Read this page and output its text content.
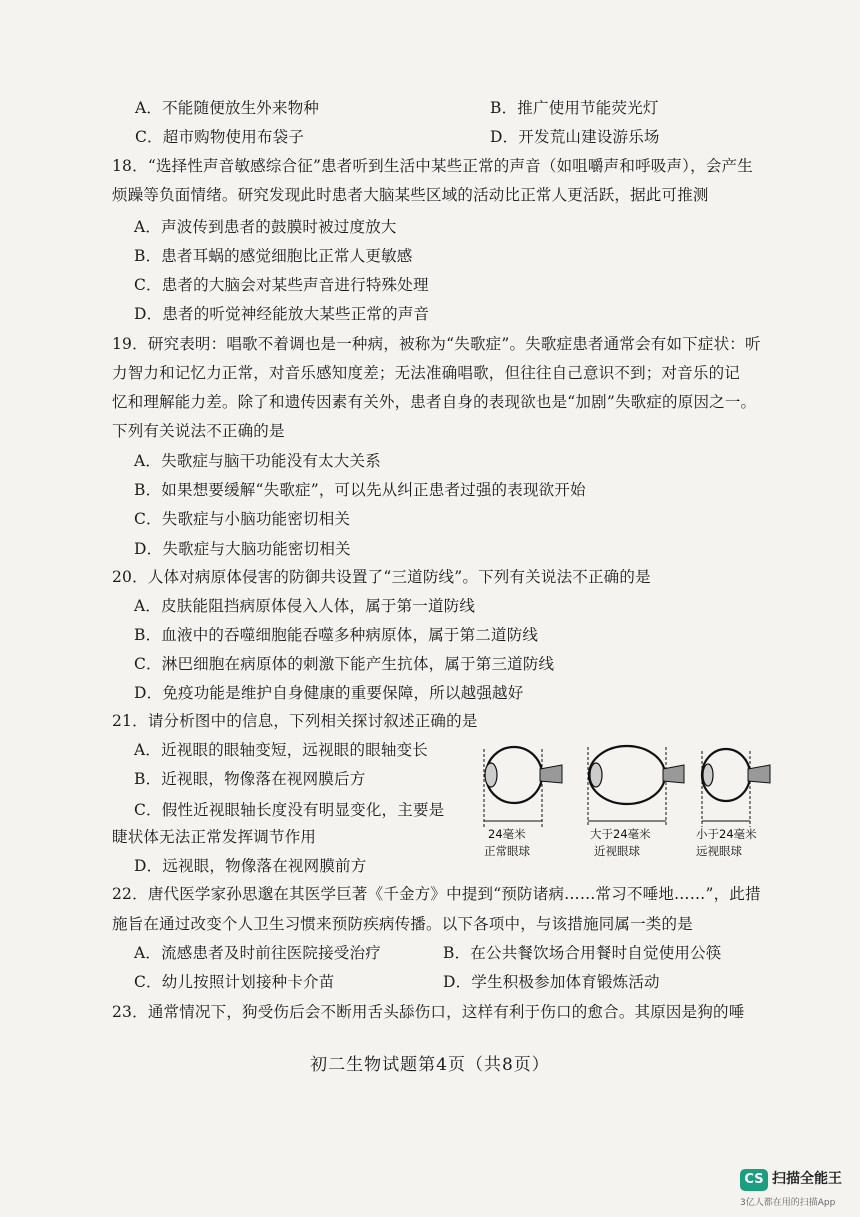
A．不能随便放生外来物种	B．推广使用节能荧光灯
C．超市购物使用布袋子	D．开发荒山建设游乐场
18．“选择性声音敏感综合征”患者听到生活中某些正常的声音（如咀嚼声和呼吸声），会产生
烦躁等负面情绪。研究发现此时患者大脑某些区域的活动比正常人更活跃，据此可推测
A．声波传到患者的鼓膜时被过度放大
B．患者耳蜗的感觉细胞比正常人更敏感
C．患者的大脑会对某些声音进行特殊处理
D．患者的听觉神经能放大某些正常的声音
19．研究表明：唱歌不着调也是一种病，被称为“失歌症”。失歌症患者通常会有如下症状：听
力智力和记忆力正常，对音乐感知度差；无法准确唱歌，但往往自己意识不到；对音乐的记
忆和理解能力差。除了和遗传因素有关外，患者自身的表现欲也是“加剧”失歌症的原因之一。
下列有关说法不正确的是
A．失歌症与脑干功能没有太大关系
B．如果想要缓解“失歌症”，可以先从纠正患者过强的表现欲开始
C．失歌症与小脑功能密切相关
D．失歌症与大脑功能密切相关
20．人体对病原体侵害的防御共设置了“三道防线”。下列有关说法不正确的是
A．皮肤能阻挡病原体侵入人体，属于第一道防线
B．血液中的吞噬细胞能吞噬多种病原体，属于第二道防线
C．淋巴细胞在病原体的刺激下能产生抗体，属于第三道防线
D．免疫功能是维护自身健康的重要保障，所以越强越好
21．请分析图中的信息，下列相关探讨叙述正确的是
A．近视眼的眼轴变短，远视眼的眼轴变长
B．近视眼，物像落在视网膜后方
C．假性近视眼轴长度没有明显变化，主要是
睫状体无法正常发挥调节作用
D．远视眼，物像落在视网膜前方
24毫米
正常眼球
大于24毫米
近视眼球
小于24毫米
远视眼球
22．唐代医学家孙思邈在其医学巨著《千金方》中提到“预防诸病……常习不唾地……”，此措
施旨在通过改变个人卫生习惯来预防疾病传播。以下各项中，与该措施同属一类的是
A．流感患者及时前往医院接受治疗	B．在公共餐饮场合用餐时自觉使用公筷
C．幼儿按照计划接种卡介苗	D．学生积极参加体育锻炼活动
23．通常情况下，狗受伤后会不断用舌头舔伤口，这样有利于伤口的愈合。其原因是狗的唾
初二生物试题第4页（共8页）
CS 扫描全能王
3亿人都在用的扫描App
